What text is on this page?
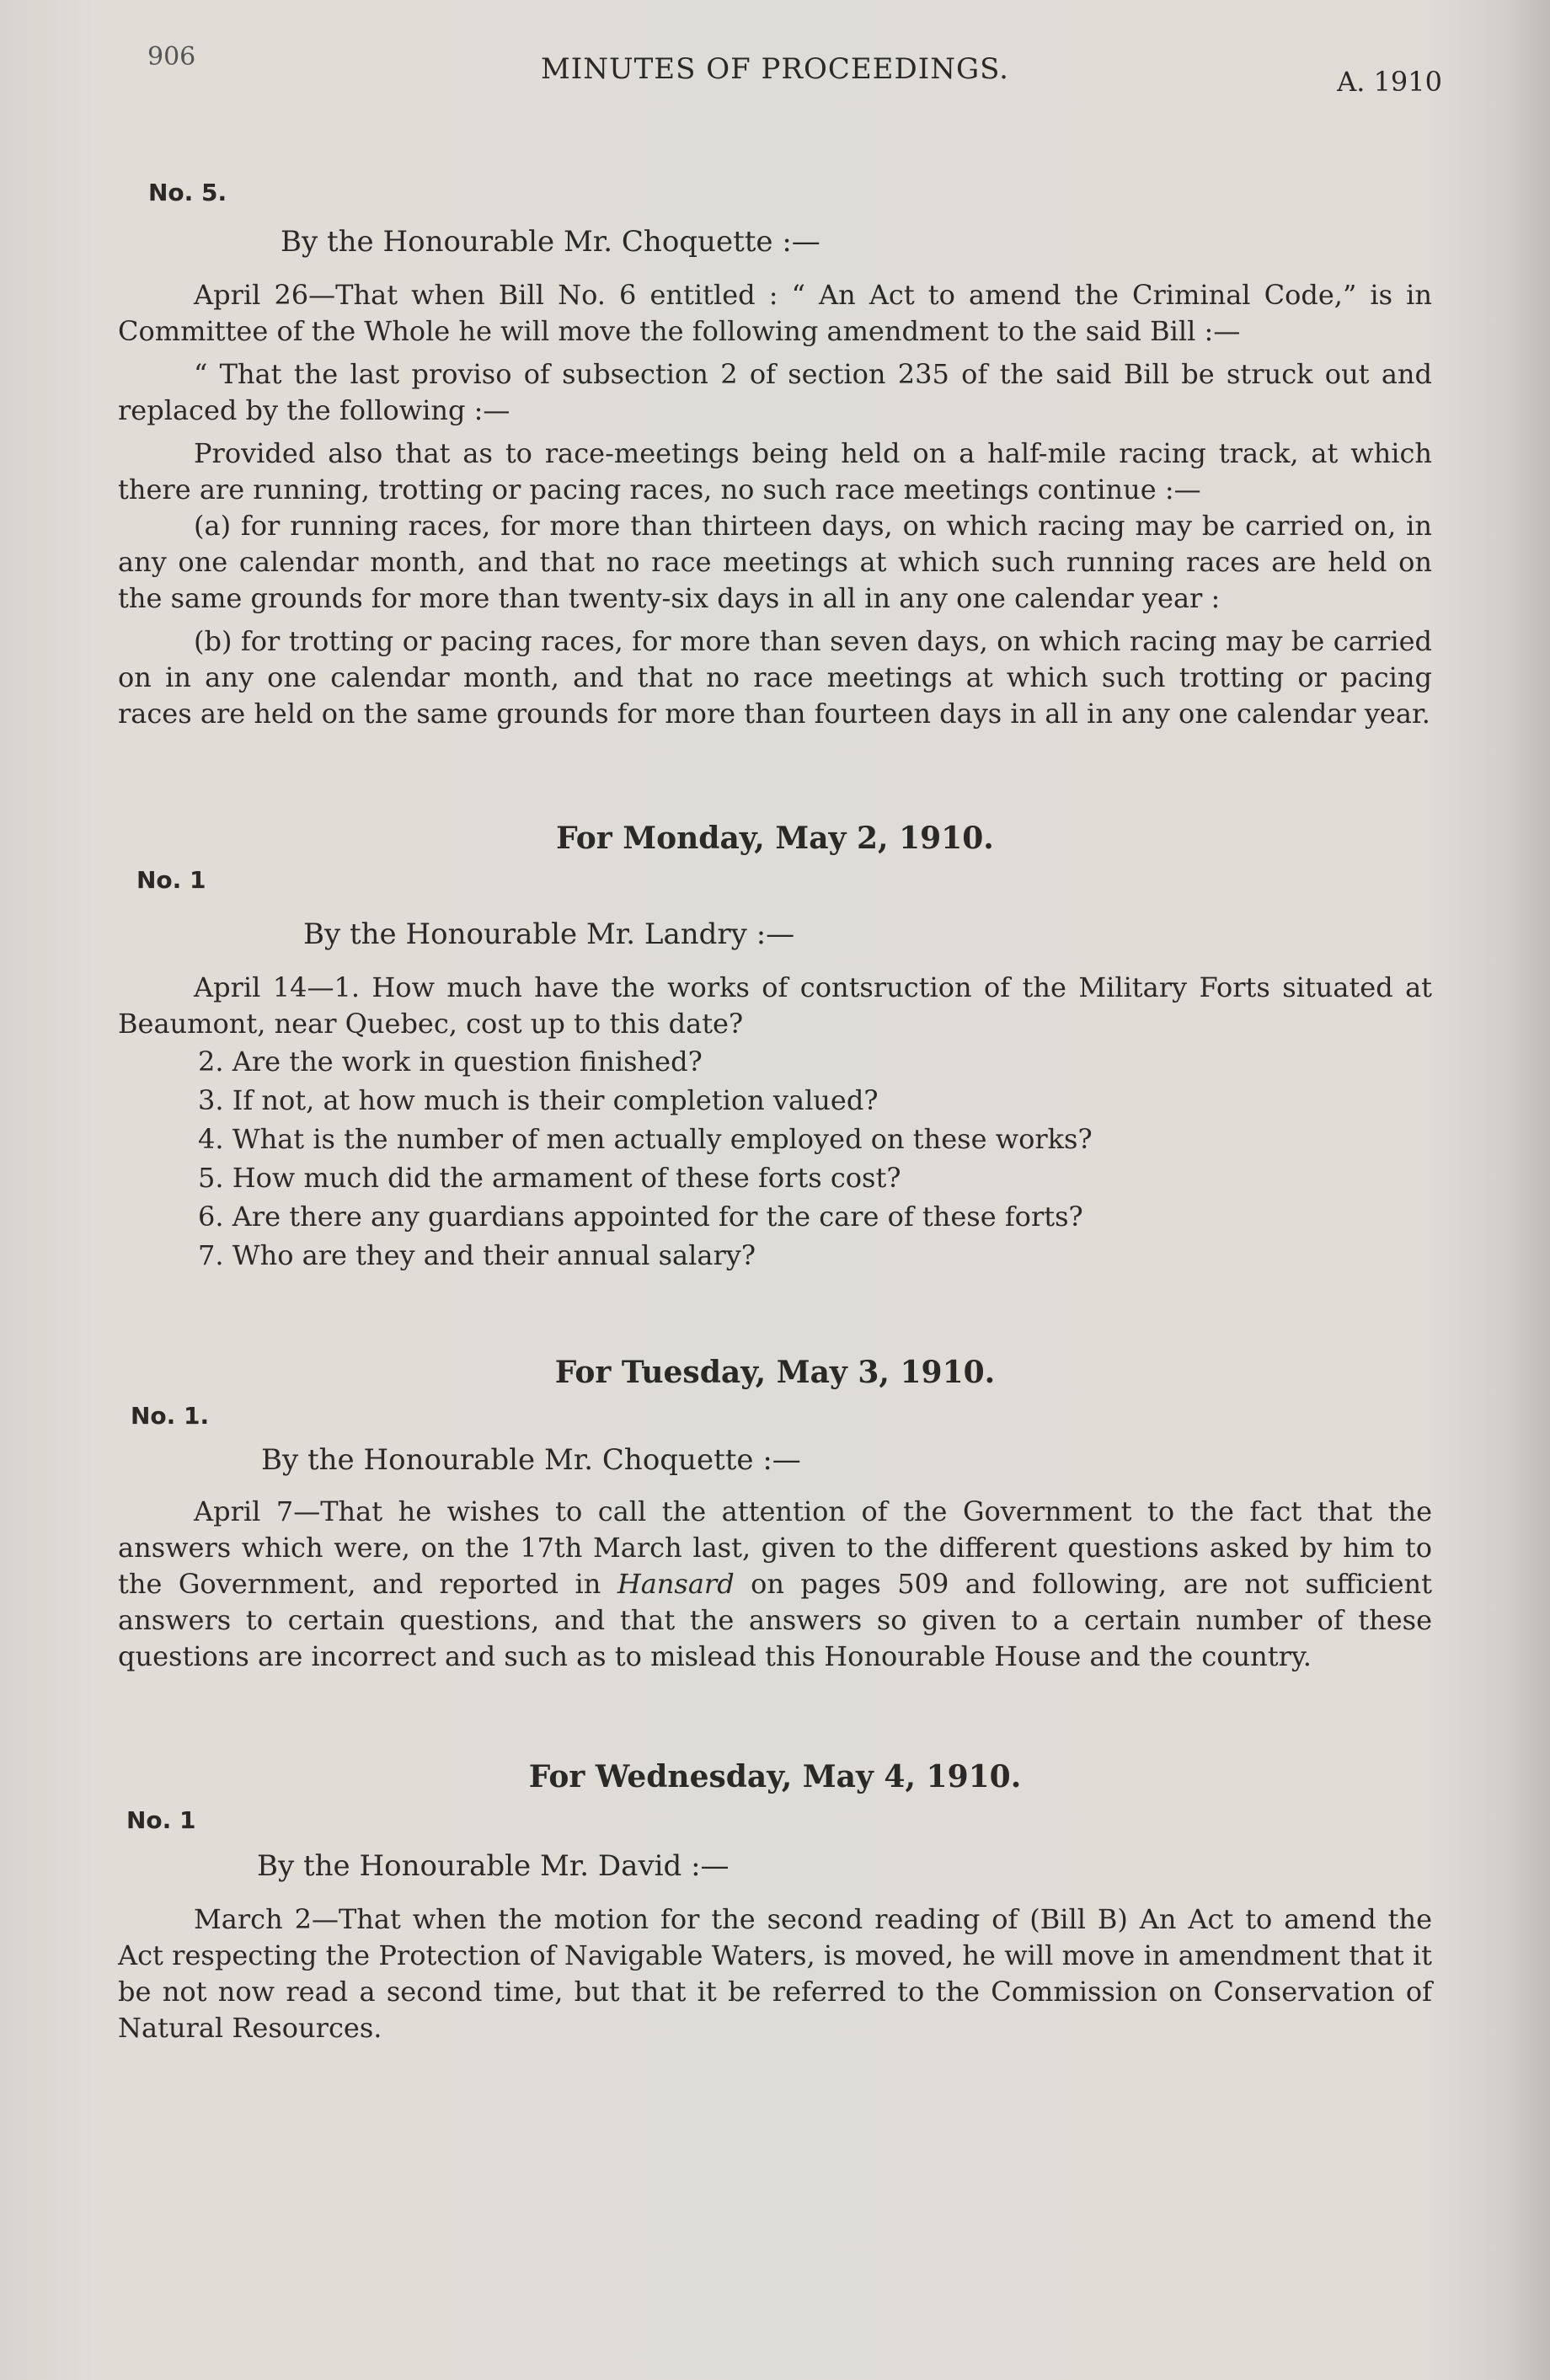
906	MINUTES OF PROCEEDINGS.	A. 1910

No. 5.

By the Honourable Mr. Choquette :—

April 26—That when Bill No. 6 entitled : “ An Act to amend the Criminal Code,” is in Committee of the Whole he will move the following amendment to the said Bill :—

“ That the last proviso of subsection 2 of section 235 of the said Bill be struck out and replaced by the following :—

Provided also that as to race-meetings being held on a half-mile racing track, at which there are running, trotting or pacing races, no such race meetings continue :—

(a) for running races, for more than thirteen days, on which racing may be carried on, in any one calendar month, and that no race meetings at which such running races are held on the same grounds for more than twenty-six days in all in any one calendar year :

(b) for trotting or pacing races, for more than seven days, on which racing may be carried on in any one calendar month, and that no race meetings at which such trotting or pacing races are held on the same grounds for more than fourteen days in all in any one calendar year.

For Monday, May 2, 1910.

No. 1

By the Honourable Mr. Landry :—

April 14—1. How much have the works of contsruction of the Military Forts situated at Beaumont, near Quebec, cost up to this date?

2. Are the work in question finished?

3. If not, at how much is their completion valued?

4. What is the number of men actually employed on these works?

5. How much did the armament of these forts cost?

6. Are there any guardians appointed for the care of these forts?

7. Who are they and their annual salary?

For Tuesday, May 3, 1910.

No. 1.

By the Honourable Mr. Choquette :—

April 7—That he wishes to call the attention of the Government to the fact that the answers which were, on the 17th March last, given to the different questions asked by him to the Government, and reported in Hansard on pages 509 and following, are not sufficient answers to certain questions, and that the answers so given to a certain number of these questions are incorrect and such as to mislead this Honourable House and the country.

For Wednesday, May 4, 1910.

No. 1

By the Honourable Mr. David :—

March 2—That when the motion for the second reading of (Bill B) An Act to amend the Act respecting the Protection of Navigable Waters, is moved, he will move in amendment that it be not now read a second time, but that it be referred to the Commission on Conservation of Natural Resources.
